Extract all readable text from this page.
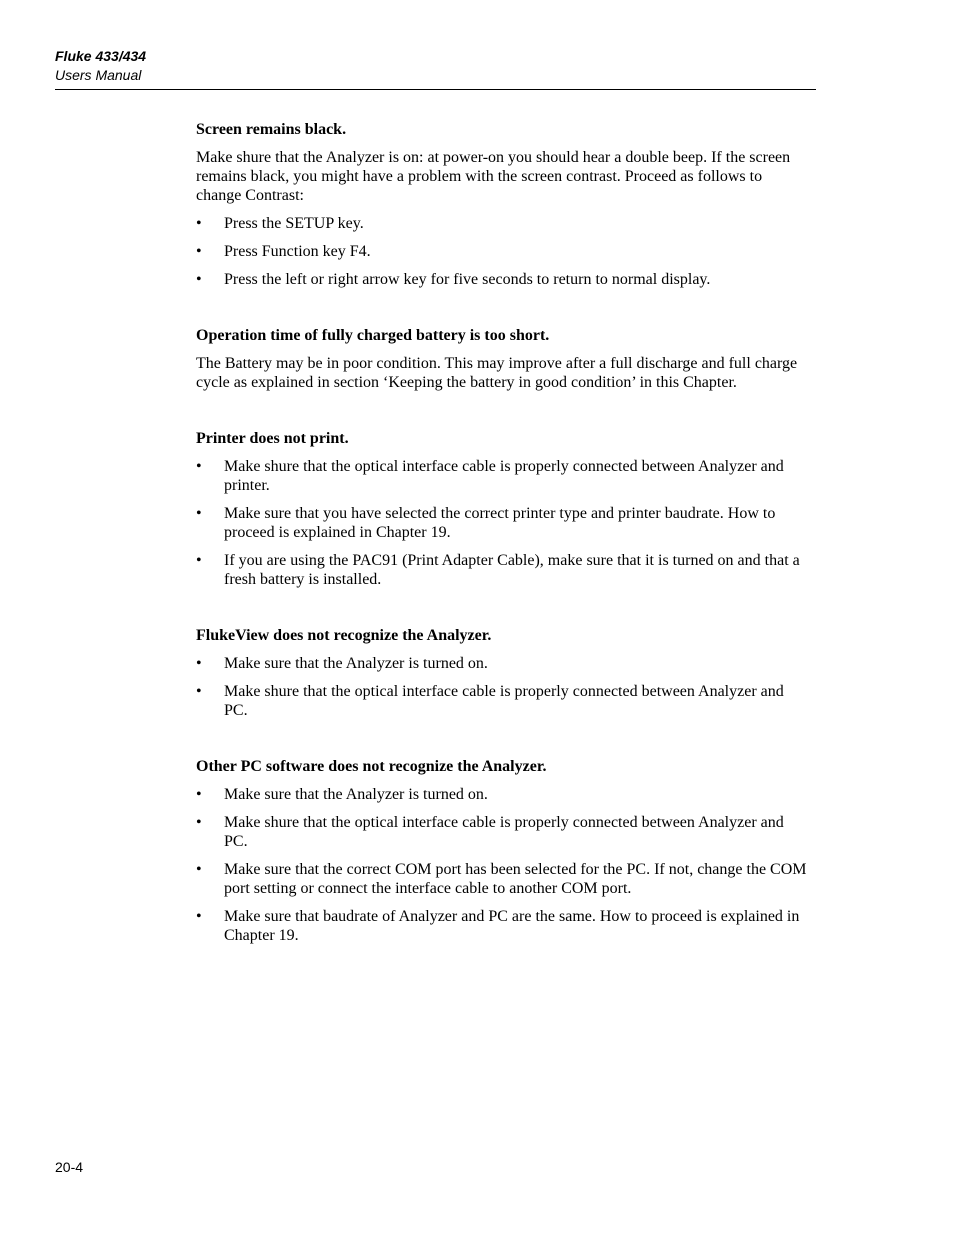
Fluke 433/434
Users Manual
Screen remains black.
Make shure that the Analyzer is on: at power-on you should hear a double beep. If the screen remains black, you might have a problem with the screen contrast. Proceed as follows to change Contrast:
• Press the SETUP key.
• Press Function key F4.
• Press the left or right arrow key for five seconds to return to normal display.
Operation time of fully charged battery is too short.
The Battery may be in poor condition. This may improve after a full discharge and full charge cycle as explained in section ‘Keeping the battery in good condition’ in this Chapter.
Printer does not print.
• Make shure that the optical interface cable is properly connected between Analyzer and printer.
• Make sure that you have selected the correct printer type and printer baudrate. How to proceed is explained in Chapter 19.
• If you are using the PAC91 (Print Adapter Cable), make sure that it is turned on and that a fresh battery is installed.
FlukeView does not recognize the Analyzer.
• Make sure that the Analyzer is turned on.
• Make shure that the optical interface cable is properly connected between Analyzer and PC.
Other PC software does not recognize the Analyzer.
• Make sure that the Analyzer is turned on.
• Make shure that the optical interface cable is properly connected between Analyzer and PC.
• Make sure that the correct COM port has been selected for the PC. If not, change the COM port setting or connect the interface cable to another COM port.
• Make sure that baudrate of Analyzer and PC are the same. How to proceed is explained in Chapter 19.
20-4
